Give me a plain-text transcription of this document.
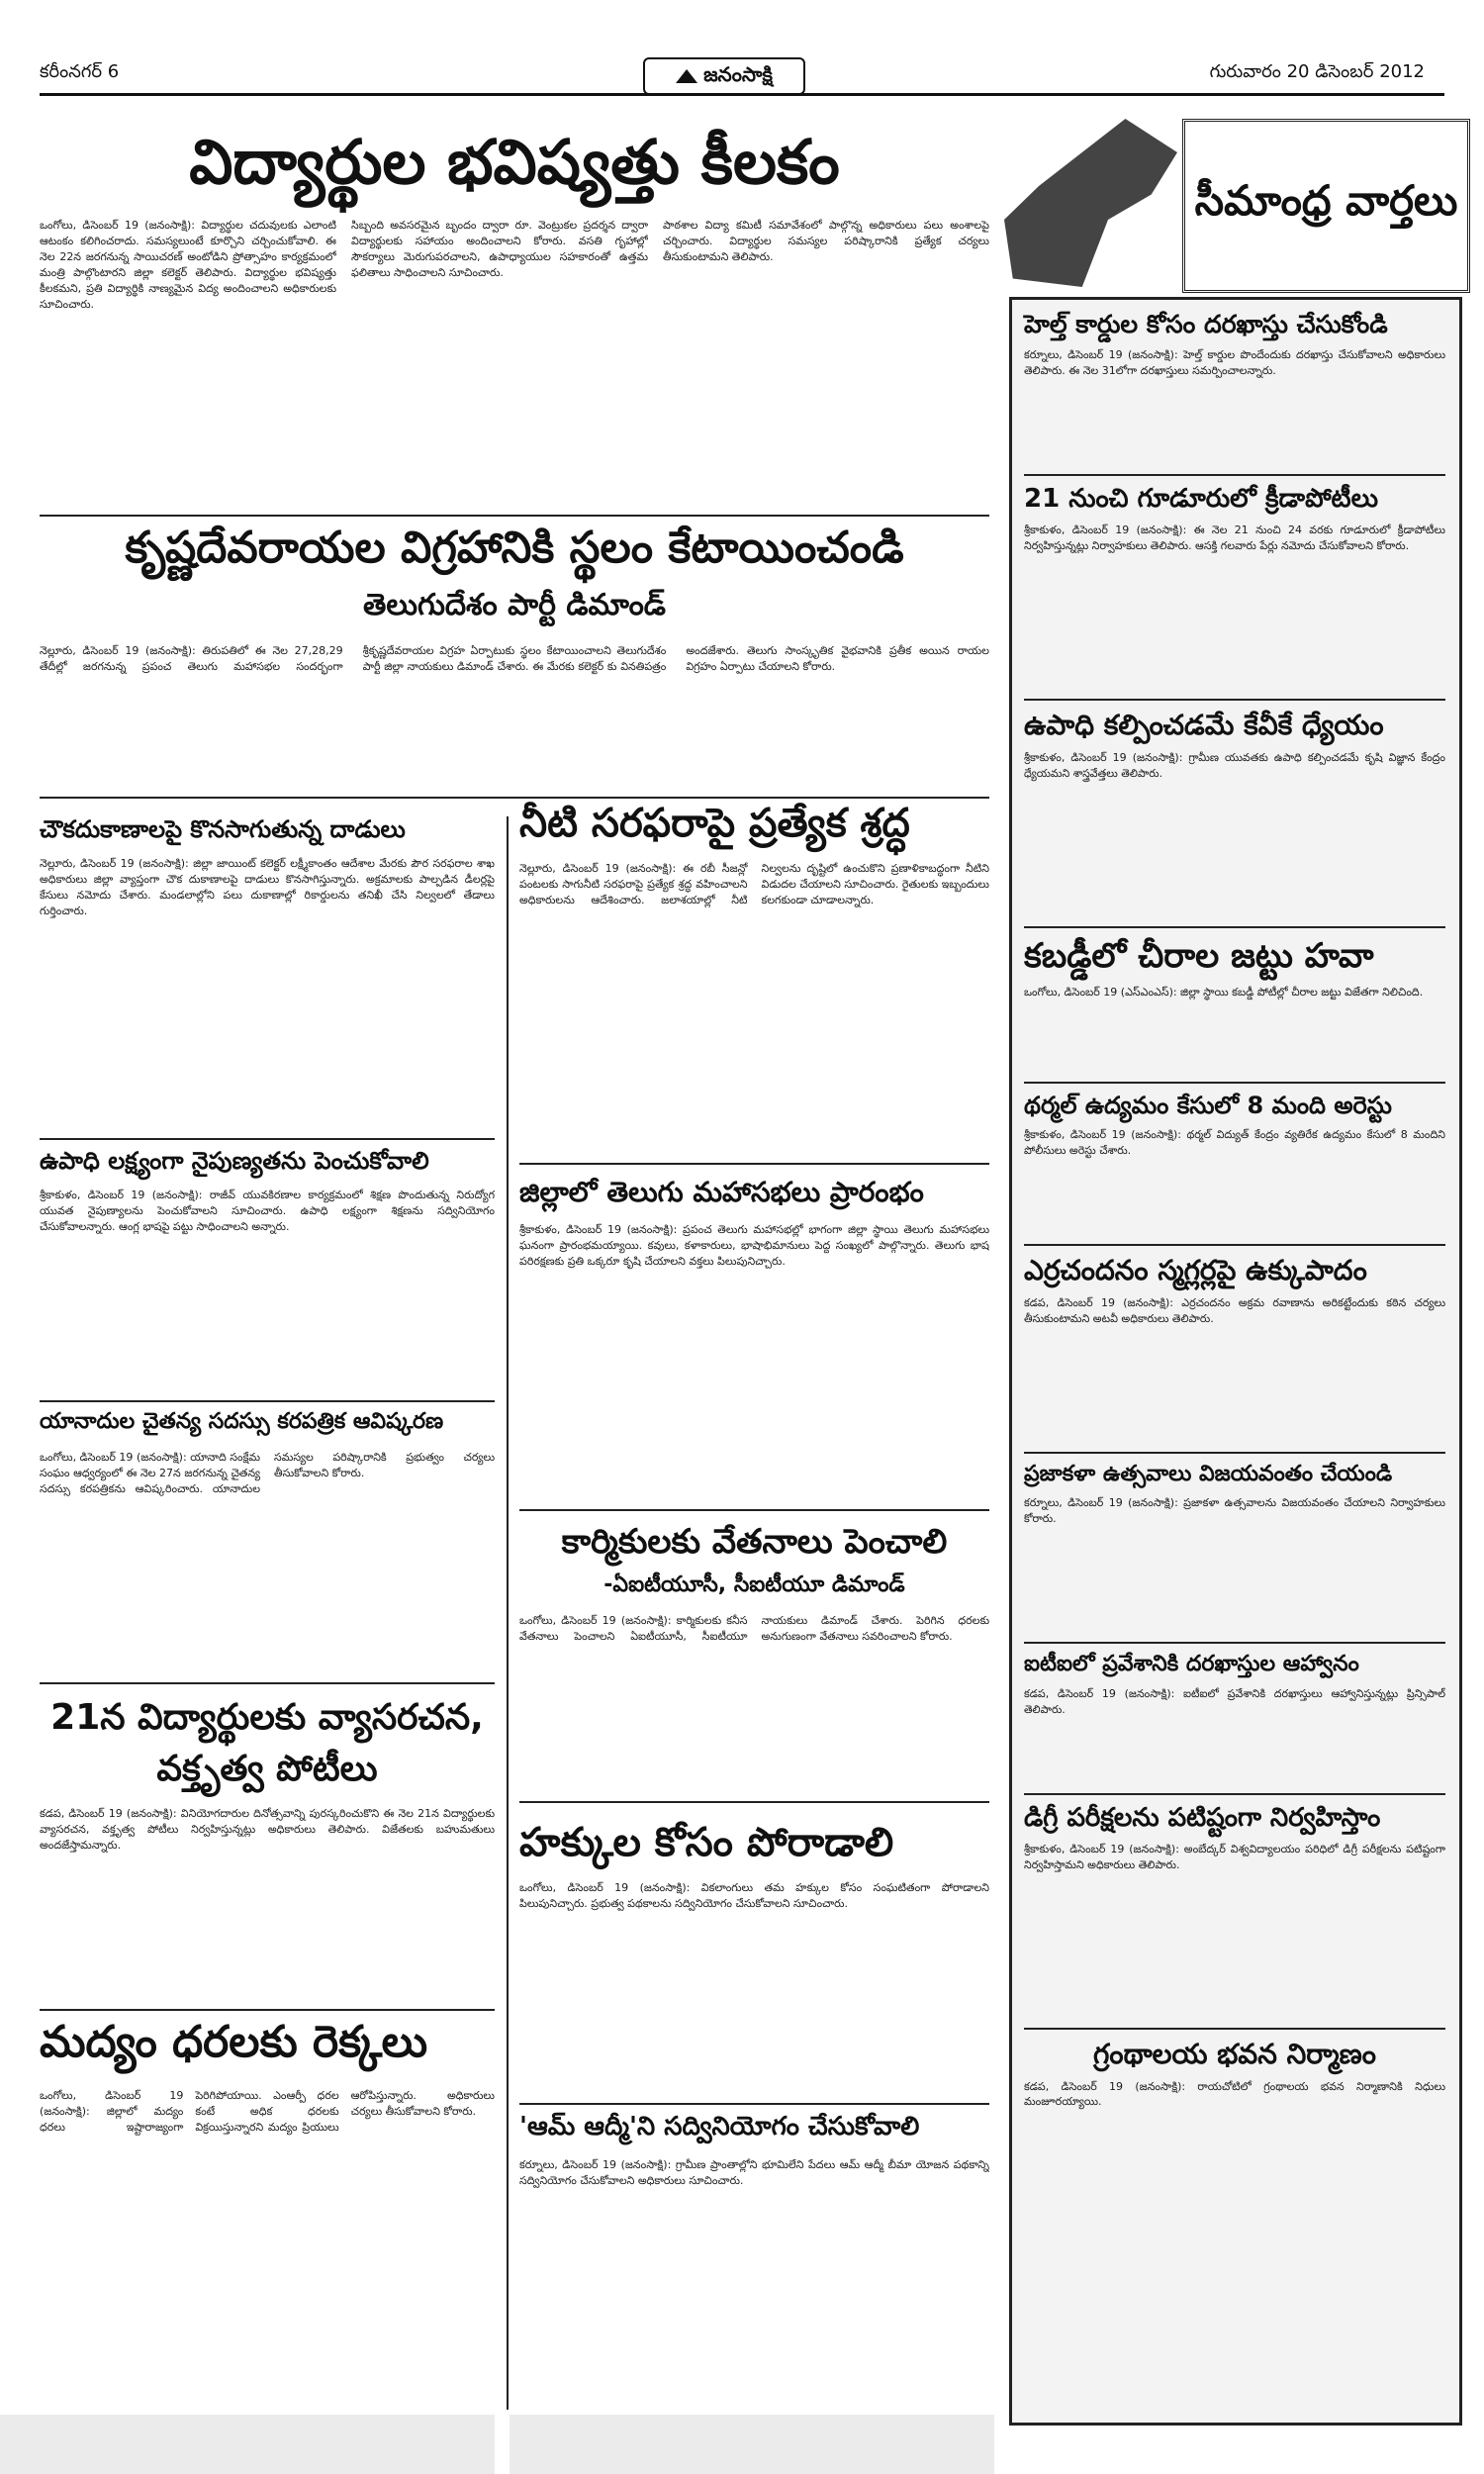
కరీంనగర్ 6	జనంసాక్షి	గురువారం 20 డిసెంబర్ 2012
విద్యార్థుల భవిష్యత్తు కీలకం
ఒంగోలు, డిసెంబర్ 19 (జనంసాక్షి): విద్యార్థుల చదువులకు ఎలాంటి ఆటంకం కలిగించరాదు. సమస్యలుంటే కూర్చొని చర్చించుకోవాలి. ఈ నెల 22న జరగనున్న సాయిచరణ్ అంటోడిని ప్రోత్సాహం కార్యక్రమంలో మంత్రి పాల్గొంటారని జిల్లా కలెక్టర్ తెలిపారు. విద్యార్థుల భవిష్యత్తు కీలకమని, ప్రతి విద్యార్థికి నాణ్యమైన విద్య అందించాలని అధికారులకు సూచించారు.
సిబ్బంది అవసరమైన బృందం ద్వారా రూ. వెంట్రుకల ప్రదర్శన ద్వారా విద్యార్థులకు సహాయం అందించాలని కోరారు. వసతి గృహాల్లో సౌకర్యాలు మెరుగుపరచాలని, ఉపాధ్యాయుల సహకారంతో ఉత్తమ ఫలితాలు సాధించాలని సూచించారు.
పాఠశాల విద్యా కమిటీ సమావేశంలో పాల్గొన్న అధికారులు పలు అంశాలపై చర్చించారు. విద్యార్థుల సమస్యల పరిష్కారానికి ప్రత్యేక చర్యలు తీసుకుంటామని తెలిపారు.
కృష్ణదేవరాయల విగ్రహానికి స్థలం కేటాయించండి
తెలుగుదేశం పార్టీ డిమాండ్
నెల్లూరు, డిసెంబర్ 19 (జనంసాక్షి): తిరుపతిలో ఈ నెల 27,28,29 తేదీల్లో జరగనున్న ప్రపంచ తెలుగు మహాసభల సందర్భంగా శ్రీకృష్ణదేవరాయల విగ్రహ ఏర్పాటుకు స్థలం కేటాయించాలని తెలుగుదేశం పార్టీ జిల్లా నాయకులు డిమాండ్ చేశారు. ఈ మేరకు కలెక్టర్ కు వినతిపత్రం అందజేశారు. తెలుగు సాంస్కృతిక వైభవానికి ప్రతీక అయిన రాయల విగ్రహం ఏర్పాటు చేయాలని కోరారు.
చౌకదుకాణాలపై కొనసాగుతున్న దాడులు
నెల్లూరు, డిసెంబర్ 19 (జనంసాక్షి): జిల్లా జాయింట్ కలెక్టర్ లక్ష్మీకాంతం ఆదేశాల మేరకు పౌర సరఫరాల శాఖ అధికారులు జిల్లా వ్యాప్తంగా చౌక దుకాణాలపై దాడులు కొనసాగిస్తున్నారు. అక్రమాలకు పాల్పడిన డీలర్లపై కేసులు నమోదు చేశారు. మండలాల్లోని పలు దుకాణాల్లో రికార్డులను తనిఖీ చేసి నిల్వలలో తేడాలు గుర్తించారు.
ఉపాధి లక్ష్యంగా నైపుణ్యతను పెంచుకోవాలి
శ్రీకాకుళం, డిసెంబర్ 19 (జనంసాక్షి): రాజీవ్ యువకిరణాల కార్యక్రమంలో శిక్షణ పొందుతున్న నిరుద్యోగ యువత నైపుణ్యాలను పెంచుకోవాలని సూచించారు. ఉపాధి లక్ష్యంగా శిక్షణను సద్వినియోగం చేసుకోవాలన్నారు. ఆంగ్ల భాషపై పట్టు సాధించాలని అన్నారు.
యానాదుల చైతన్య సదస్సు కరపత్రిక ఆవిష్కరణ
ఒంగోలు, డిసెంబర్ 19 (జనంసాక్షి): యానాది సంక్షేమ సంఘం ఆధ్వర్యంలో ఈ నెల 27న జరగనున్న చైతన్య సదస్సు కరపత్రికను ఆవిష్కరించారు. యానాదుల సమస్యల పరిష్కారానికి ప్రభుత్వం చర్యలు తీసుకోవాలని కోరారు.
21న విద్యార్థులకు వ్యాసరచన, వక్తృత్వ పోటీలు
కడప, డిసెంబర్ 19 (జనంసాక్షి): వినియోగదారుల దినోత్సవాన్ని పురస్కరించుకొని ఈ నెల 21న విద్యార్థులకు వ్యాసరచన, వక్తృత్వ పోటీలు నిర్వహిస్తున్నట్లు అధికారులు తెలిపారు. విజేతలకు బహుమతులు అందజేస్తామన్నారు.
మద్యం ధరలకు రెక్కలు
ఒంగోలు, డిసెంబర్ 19 (జనంసాక్షి): జిల్లాలో మద్యం ధరలు ఇష్టారాజ్యంగా పెరిగిపోయాయి. ఎంఆర్పీ ధరల కంటే అధిక ధరలకు విక్రయిస్తున్నారని మద్యం ప్రియులు ఆరోపిస్తున్నారు. అధికారులు చర్యలు తీసుకోవాలని కోరారు.
నీటి సరఫరాపై ప్రత్యేక శ్రద్ధ
నెల్లూరు, డిసెంబర్ 19 (జనంసాక్షి): ఈ రబీ సీజన్లో పంటలకు సాగునీటి సరఫరాపై ప్రత్యేక శ్రద్ధ వహించాలని అధికారులను ఆదేశించారు. జలాశయాల్లో నీటి నిల్వలను దృష్టిలో ఉంచుకొని ప్రణాళికాబద్ధంగా నీటిని విడుదల చేయాలని సూచించారు. రైతులకు ఇబ్బందులు కలగకుండా చూడాలన్నారు.
జిల్లాలో తెలుగు మహాసభలు ప్రారంభం
శ్రీకాకుళం, డిసెంబర్ 19 (జనంసాక్షి): ప్రపంచ తెలుగు మహాసభల్లో భాగంగా జిల్లా స్థాయి తెలుగు మహాసభలు ఘనంగా ప్రారంభమయ్యాయి. కవులు, కళాకారులు, భాషాభిమానులు పెద్ద సంఖ్యలో పాల్గొన్నారు. తెలుగు భాష పరిరక్షణకు ప్రతి ఒక్కరూ కృషి చేయాలని వక్తలు పిలుపునిచ్చారు.
కార్మికులకు వేతనాలు పెంచాలి
-ఏఐటీయూసీ, సీఐటీయూ డిమాండ్
ఒంగోలు, డిసెంబర్ 19 (జనంసాక్షి): కార్మికులకు కనీస వేతనాలు పెంచాలని ఏఐటీయూసీ, సీఐటీయూ నాయకులు డిమాండ్ చేశారు. పెరిగిన ధరలకు అనుగుణంగా వేతనాలు సవరించాలని కోరారు.
హక్కుల కోసం పోరాడాలి
ఒంగోలు, డిసెంబర్ 19 (జనంసాక్షి): వికలాంగులు తమ హక్కుల కోసం సంఘటితంగా పోరాడాలని పిలుపునిచ్చారు. ప్రభుత్వ పథకాలను సద్వినియోగం చేసుకోవాలని సూచించారు.
'ఆమ్ ఆద్మీ'ని సద్వినియోగం చేసుకోవాలి
కర్నూలు, డిసెంబర్ 19 (జనంసాక్షి): గ్రామీణ ప్రాంతాల్లోని భూమిలేని పేదలు ఆమ్ ఆద్మీ బీమా యోజన పథకాన్ని సద్వినియోగం చేసుకోవాలని అధికారులు సూచించారు.
సీమాంధ్ర వార్తలు
హెల్త్ కార్డుల కోసం దరఖాస్తు చేసుకోండి
కర్నూలు, డిసెంబర్ 19 (జనంసాక్షి): హెల్త్ కార్డుల పొందేందుకు దరఖాస్తు చేసుకోవాలని అధికారులు తెలిపారు. ఈ నెల 31లోగా దరఖాస్తులు సమర్పించాలన్నారు.
21 నుంచి గూడూరులో క్రీడాపోటీలు
శ్రీకాకుళం, డిసెంబర్ 19 (జనంసాక్షి): ఈ నెల 21 నుంచి 24 వరకు గూడూరులో క్రీడాపోటీలు నిర్వహిస్తున్నట్లు నిర్వాహకులు తెలిపారు. ఆసక్తి గలవారు పేర్లు నమోదు చేసుకోవాలని కోరారు.
ఉపాధి కల్పించడమే కేవీకే ధ్యేయం
శ్రీకాకుళం, డిసెంబర్ 19 (జనంసాక్షి): గ్రామీణ యువతకు ఉపాధి కల్పించడమే కృషి విజ్ఞాన కేంద్రం ధ్యేయమని శాస్త్రవేత్తలు తెలిపారు.
కబడ్డీలో చీరాల జట్టు హవా
ఒంగోలు, డిసెంబర్ 19 (ఎస్ఎంఎస్): జిల్లా స్థాయి కబడ్డీ పోటీల్లో చీరాల జట్టు విజేతగా నిలిచింది.
థర్మల్ ఉద్యమం కేసులో 8 మంది అరెస్టు
శ్రీకాకుళం, డిసెంబర్ 19 (జనంసాక్షి): థర్మల్ విద్యుత్ కేంద్రం వ్యతిరేక ఉద్యమం కేసులో 8 మందిని పోలీసులు అరెస్టు చేశారు.
ఎర్రచందనం స్మగ్లర్లపై ఉక్కుపాదం
కడప, డిసెంబర్ 19 (జనంసాక్షి): ఎర్రచందనం అక్రమ రవాణాను అరికట్టేందుకు కఠిన చర్యలు తీసుకుంటామని అటవీ అధికారులు తెలిపారు.
ప్రజాకళా ఉత్సవాలు విజయవంతం చేయండి
కర్నూలు, డిసెంబర్ 19 (జనంసాక్షి): ప్రజాకళా ఉత్సవాలను విజయవంతం చేయాలని నిర్వాహకులు కోరారు.
ఐటీఐలో ప్రవేశానికి దరఖాస్తుల ఆహ్వానం
కడప, డిసెంబర్ 19 (జనంసాక్షి): ఐటీఐలో ప్రవేశానికి దరఖాస్తులు ఆహ్వానిస్తున్నట్లు ప్రిన్సిపాల్ తెలిపారు.
డిగ్రీ పరీక్షలను పటిష్టంగా నిర్వహిస్తాం
శ్రీకాకుళం, డిసెంబర్ 19 (జనంసాక్షి): అంబేద్కర్ విశ్వవిద్యాలయం పరిధిలో డిగ్రీ పరీక్షలను పటిష్టంగా నిర్వహిస్తామని అధికారులు తెలిపారు.
గ్రంథాలయ భవన నిర్మాణం
కడప, డిసెంబర్ 19 (జనంసాక్షి): రాయచోటిలో గ్రంథాలయ భవన నిర్మాణానికి నిధులు మంజూరయ్యాయి.
